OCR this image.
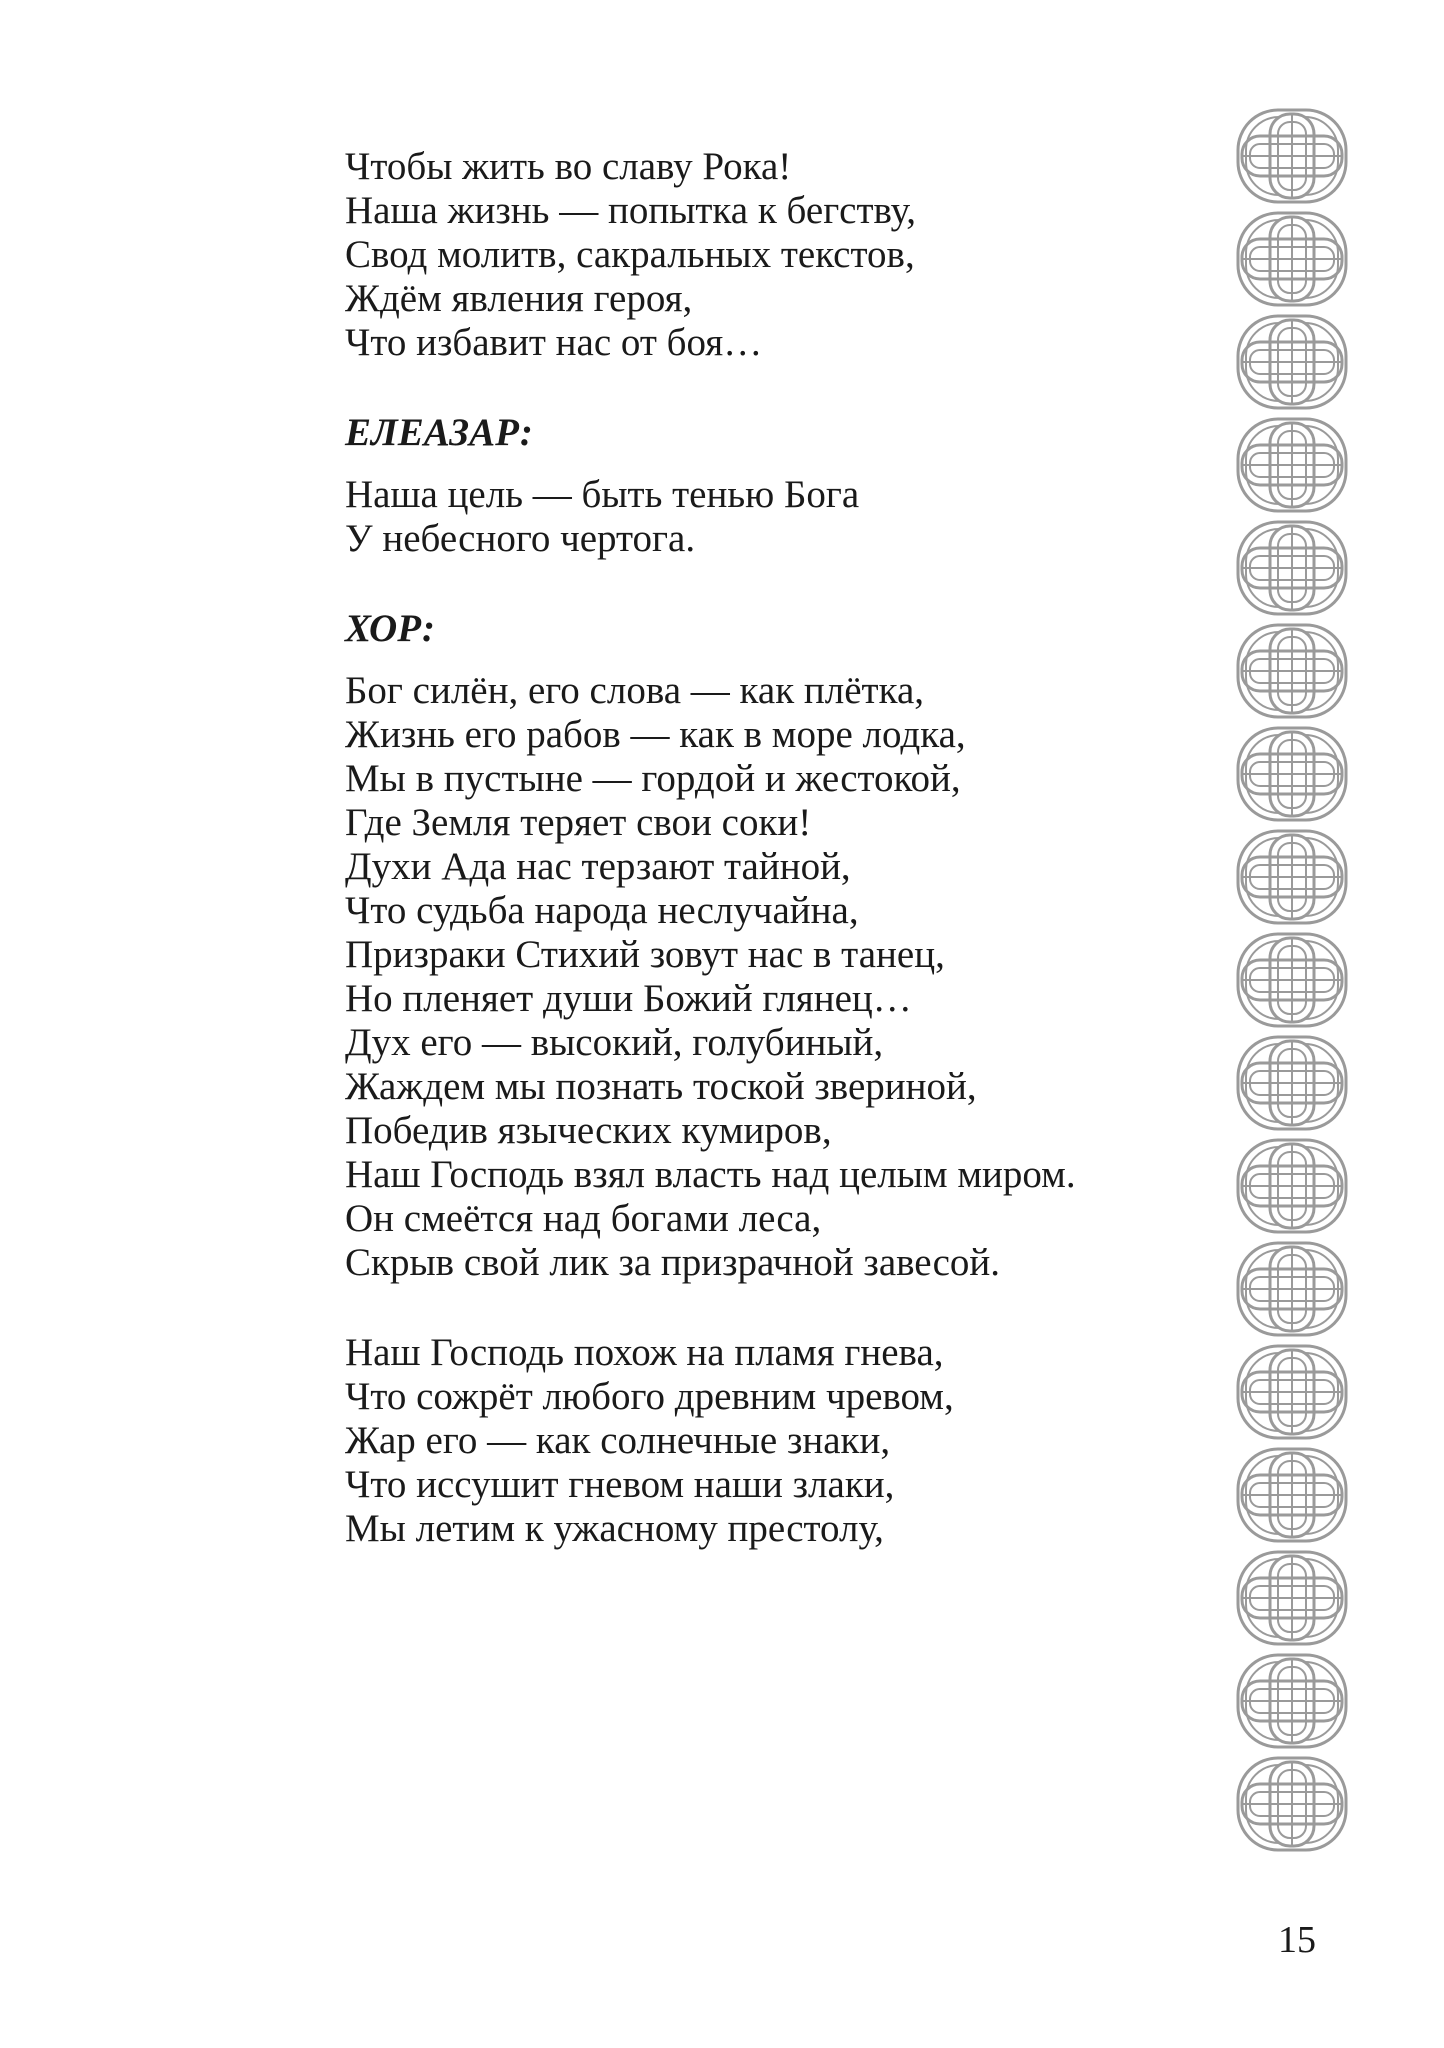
Чтобы жить во славу Рока!
Наша жизнь — попытка к бегству,
Свод молитв, сакральных текстов,
Ждём явления героя,
Что избавит нас от боя…
ЕЛЕАЗАР:
Наша цель — быть тенью Бога
У небесного чертога.
ХОР:
Бог силён, его слова — как плётка,
Жизнь его рабов — как в море лодка,
Мы в пустыне — гордой и жестокой,
Где Земля теряет свои соки!
Духи Ада нас терзают тайной,
Что судьба народа неслучайна,
Призраки Стихий зовут нас в танец,
Но пленяет души Божий глянец…
Дух его — высокий, голубиный,
Жаждем мы познать тоской звериной,
Победив языческих кумиров,
Наш Господь взял власть над целым миром.
Он смеётся над богами леса,
Скрыв свой лик за призрачной завесой.
Наш Господь похож на пламя гнева,
Что сожрёт любого древним чревом,
Жар его — как солнечные знаки,
Что иссушит гневом наши злаки,
Мы летим к ужасному престолу,
15
